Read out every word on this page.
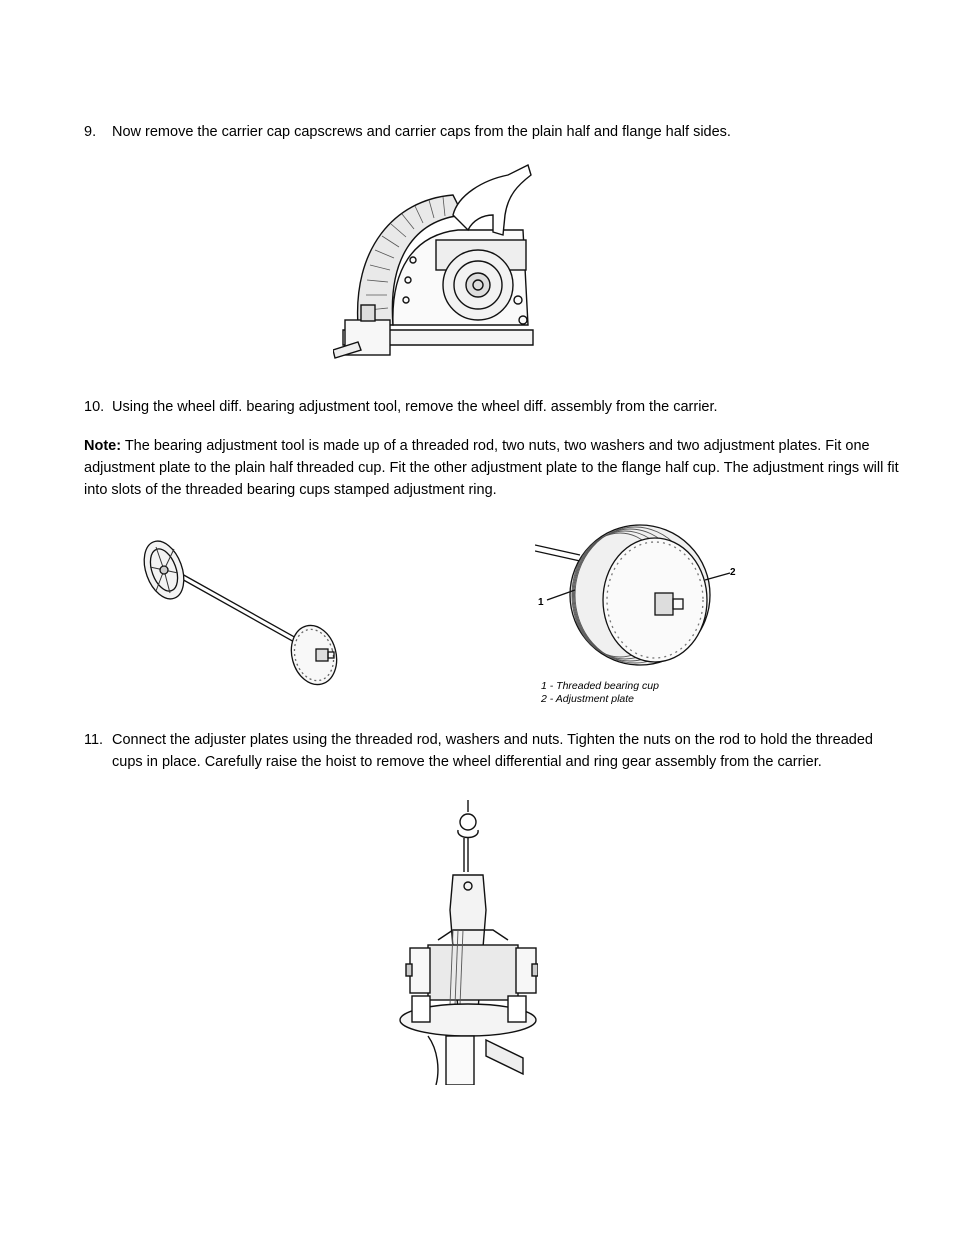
9. Now remove the carrier cap capscrews and carrier caps from the plain half and flange half sides.
10. Using the wheel diff. bearing adjustment tool, remove the wheel diff. assembly from the carrier.
Note: The bearing adjustment tool is made up of a threaded rod, two nuts, two washers and two adjustment plates. Fit one adjustment plate to the plain half threaded cup. Fit the other adjustment plate to the flange half cup. The adjustment rings will fit into slots of the threaded bearing cups stamped adjustment ring.
1
2
1 - Threaded bearing cup
2 - Adjustment plate
11. Connect the adjuster plates using the threaded rod, washers and nuts. Tighten the nuts on the rod to hold the threaded cups in place. Carefully raise the hoist to remove the wheel differential and ring gear assembly from the carrier.
